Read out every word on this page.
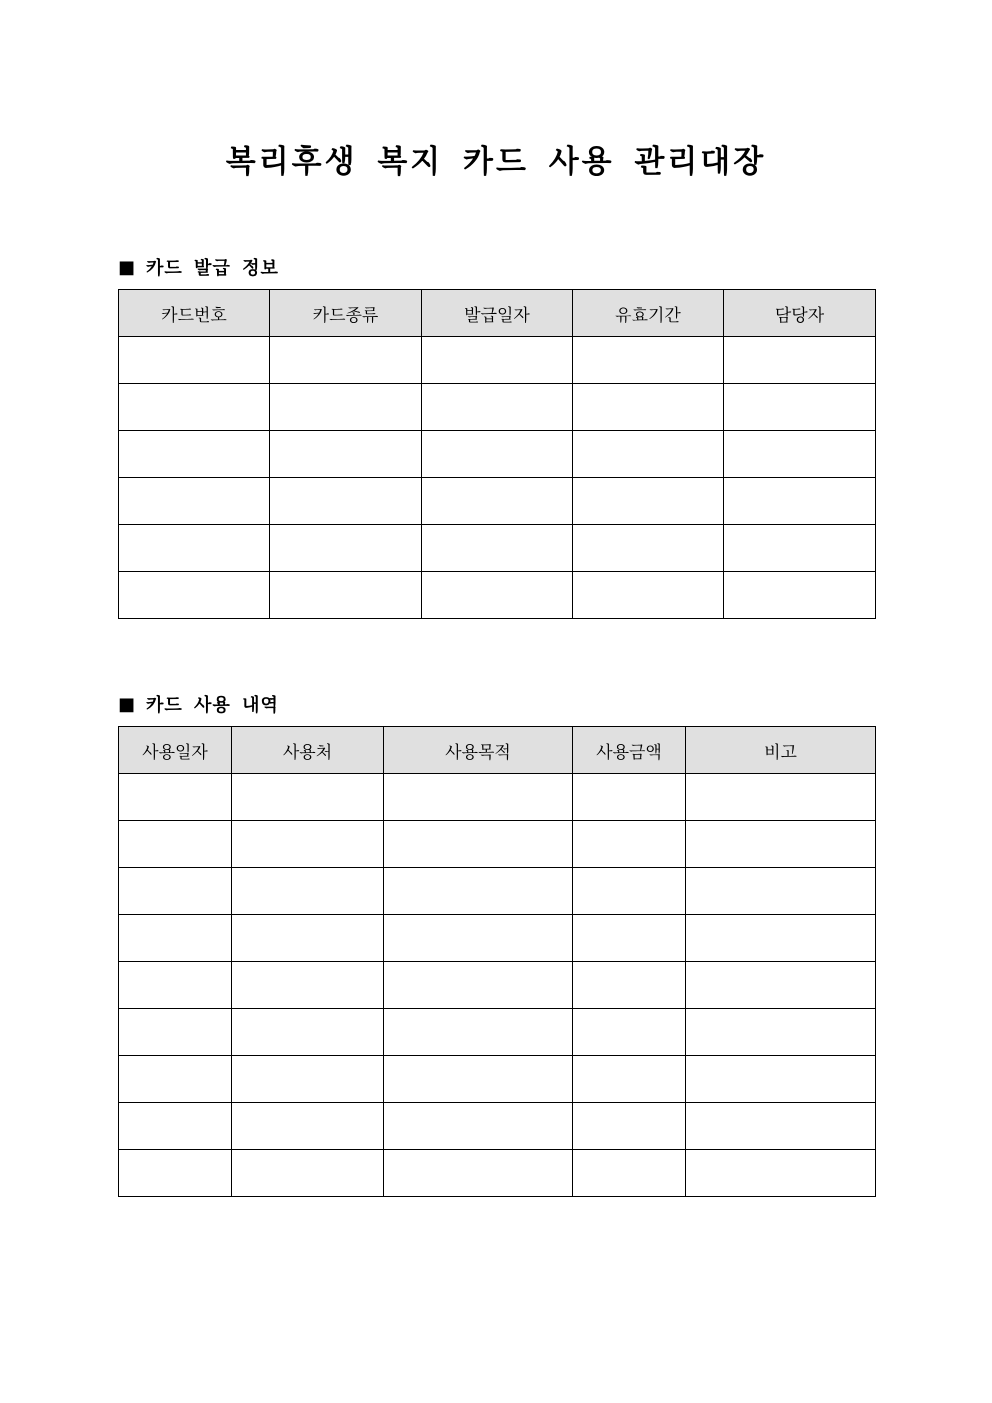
복리후생 복지 카드 사용 관리대장
■ 카드 발급 정보
카드번호	카드종류	발급일자	유효기간	담당자

■ 카드 사용 내역
사용일자	사용처	사용목적	사용금액	비고
